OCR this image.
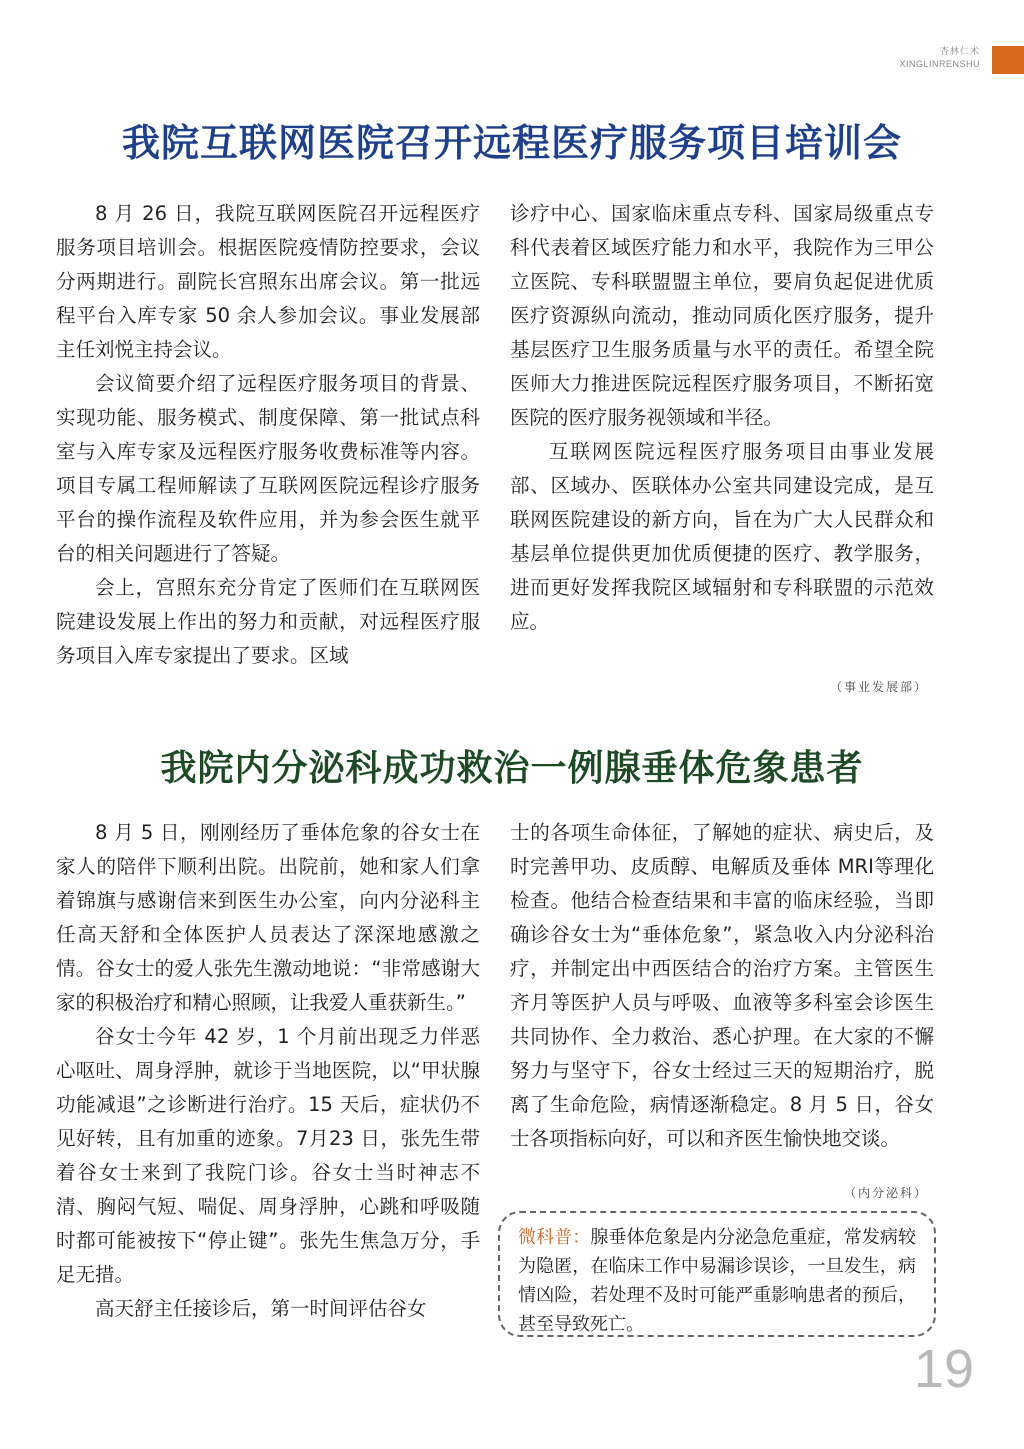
杏林仁术
XINGLINRENSHU
我院互联网医院召开远程医疗服务项目培训会

8 月 26 日，我院互联网医院召开远程医疗服务项目培训会。根据医院疫情防控要求，会议分两期进行。副院长宫照东出席会议。第一批远程平台入库专家 50 余人参加会议。事业发展部主任刘悦主持会议。

会议简要介绍了远程医疗服务项目的背景、实现功能、服务模式、制度保障、第一批试点科室与入库专家及远程医疗服务收费标准等内容。项目专属工程师解读了互联网医院远程诊疗服务平台的操作流程及软件应用，并为参会医生就平台的相关问题进行了答疑。

会上，宫照东充分肯定了医师们在互联网医院建设发展上作出的努力和贡献，对远程医疗服务项目入库专家提出了要求。区域

诊疗中心、国家临床重点专科、国家局级重点专科代表着区域医疗能力和水平，我院作为三甲公立医院、专科联盟盟主单位，要肩负起促进优质医疗资源纵向流动，推动同质化医疗服务，提升基层医疗卫生服务质量与水平的责任。希望全院医师大力推进医院远程医疗服务项目，不断拓宽医院的医疗服务视领域和半径。

互联网医院远程医疗服务项目由事业发展部、区域办、医联体办公室共同建设完成，是互联网医院建设的新方向，旨在为广大人民群众和基层单位提供更加优质便捷的医疗、教学服务，进而更好发挥我院区域辐射和专科联盟的示范效应。

（事业发展部）
我院内分泌科成功救治一例腺垂体危象患者

8 月 5 日，刚刚经历了垂体危象的谷女士在家人的陪伴下顺利出院。出院前，她和家人们拿着锦旗与感谢信来到医生办公室，向内分泌科主任高天舒和全体医护人员表达了深深地感激之情。谷女士的爱人张先生激动地说：“非常感谢大家的积极治疗和精心照顾，让我爱人重获新生。”

谷女士今年 42 岁，1 个月前出现乏力伴恶心呕吐、周身浮肿，就诊于当地医院，以“甲状腺功能减退”之诊断进行治疗。15 天后，症状仍不见好转，且有加重的迹象。7月23 日，张先生带着谷女士来到了我院门诊。谷女士当时神志不清、胸闷气短、喘促、周身浮肿，心跳和呼吸随时都可能被按下“停止键”。张先生焦急万分，手足无措。

高天舒主任接诊后，第一时间评估谷女

士的各项生命体征，了解她的症状、病史后，及时完善甲功、皮质醇、电解质及垂体 MRI等理化检查。他结合检查结果和丰富的临床经验，当即确诊谷女士为“垂体危象”，紧急收入内分泌科治疗，并制定出中西医结合的治疗方案。主管医生齐月等医护人员与呼吸、血液等多科室会诊医生共同协作、全力救治、悉心护理。在大家的不懈努力与坚守下，谷女士经过三天的短期治疗，脱离了生命危险，病情逐渐稳定。8 月 5 日，谷女士各项指标向好，可以和齐医生愉快地交谈。

（内分泌科）
微科普：腺垂体危象是内分泌急危重症，常发病较为隐匿，在临床工作中易漏诊误诊，一旦发生，病情凶险，若处理不及时可能严重影响患者的预后，甚至导致死亡。
19
